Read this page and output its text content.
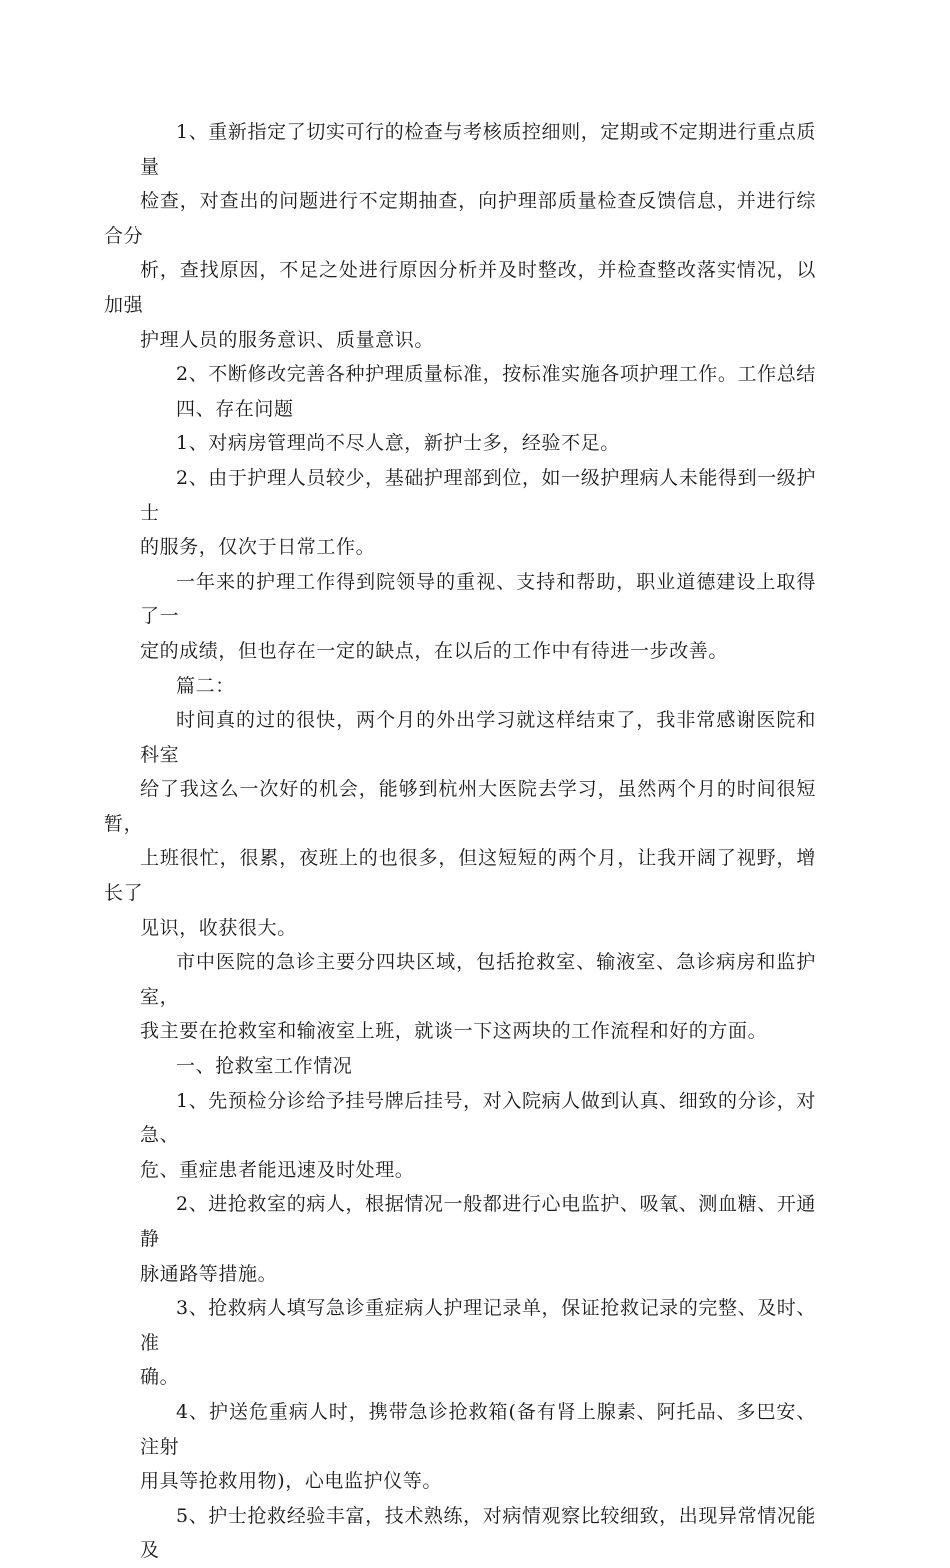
1、重新指定了切实可行的检查与考核质控细则，定期或不定期进行重点质量
检查，对查出的问题进行不定期抽查，向护理部质量检查反馈信息，并进行综合分
析，查找原因，不足之处进行原因分析并及时整改，并检查整改落实情况，以加强
护理人员的服务意识、质量意识。

2、不断修改完善各种护理质量标准，按标准实施各项护理工作。工作总结

四、存在问题

1、对病房管理尚不尽人意，新护士多，经验不足。

2、由于护理人员较少，基础护理部到位，如一级护理病人未能得到一级护士
的服务，仅次于日常工作。

一年来的护理工作得到院领导的重视、支持和帮助，职业道德建设上取得了一
定的成绩，但也存在一定的缺点，在以后的工作中有待进一步改善。

篇二：

时间真的过的很快，两个月的外出学习就这样结束了，我非常感谢医院和科室
给了我这么一次好的机会，能够到杭州大医院去学习，虽然两个月的时间很短暂，
上班很忙，很累，夜班上的也很多，但这短短的两个月，让我开阔了视野，增长了
见识，收获很大。

市中医院的急诊主要分四块区域，包括抢救室、输液室、急诊病房和监护室，
我主要在抢救室和输液室上班，就谈一下这两块的工作流程和好的方面。

一、抢救室工作情况

1、先预检分诊给予挂号牌后挂号，对入院病人做到认真、细致的分诊，对急、
危、重症患者能迅速及时处理。

2、进抢救室的病人，根据情况一般都进行心电监护、吸氧、测血糖、开通静
脉通路等措施。

3、抢救病人填写急诊重症病人护理记录单，保证抢救记录的完整、及时、准
确。

4、护送危重病人时，携带急诊抢救箱(备有肾上腺素、阿托品、多巴安、注射
用具等抢救用物)，心电监护仪等。

5、护士抢救经验丰富，技术熟练，对病情观察比较细致，出现异常情况能及
